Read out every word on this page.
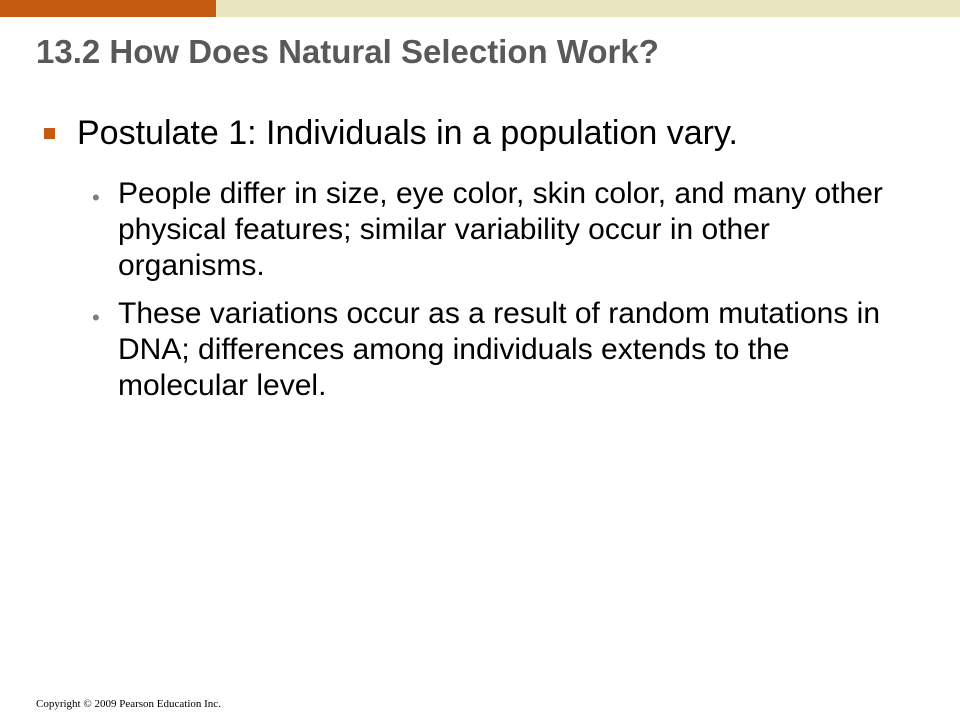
13.2 How Does Natural Selection Work?
Postulate 1: Individuals in a population vary.
• People differ in size, eye color, skin color, and many other physical features; similar variability occur in other organisms.
• These variations occur as a result of random mutations in DNA; differences among individuals extends to the molecular level.
Copyright © 2009 Pearson Education Inc.
